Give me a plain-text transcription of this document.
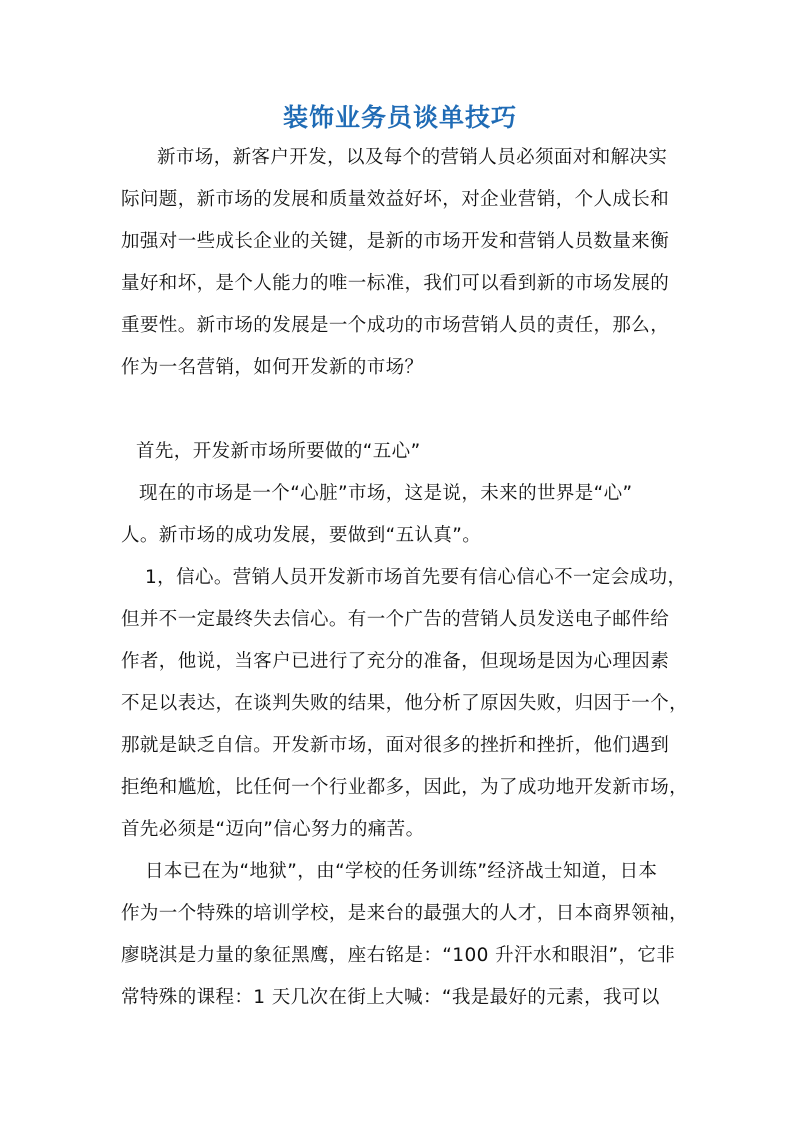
装饰业务员谈单技巧

新市场，新客户开发，以及每个的营销人员必须面对和解决实

际问题，新市场的发展和质量效益好坏，对企业营销，个人成长和

加强对一些成长企业的关键，是新的市场开发和营销人员数量来衡

量好和坏，是个人能力的唯一标准，我们可以看到新的市场发展的

重要性。新市场的发展是一个成功的市场营销人员的责任，那么，

作为一名营销，如何开发新的市场？

首先，开发新市场所要做的“五心”

现在的市场是一个“心脏”市场，这是说，未来的世界是“心”

人。新市场的成功发展，要做到“五认真”。

1，信心。营销人员开发新市场首先要有信心信心不一定会成功，

但并不一定最终失去信心。有一个广告的营销人员发送电子邮件给

作者，他说，当客户已进行了充分的准备，但现场是因为心理因素

不足以表达，在谈判失败的结果，他分析了原因失败，归因于一个，

那就是缺乏自信。开发新市场，面对很多的挫折和挫折，他们遇到

拒绝和尴尬，比任何一个行业都多，因此，为了成功地开发新市场，

首先必须是“迈向”信心努力的痛苦。

日本已在为“地狱”，由“学校的任务训练”经济战士知道，日本

作为一个特殊的培训学校，是来台的最强大的人才，日本商界领袖，

廖晓淇是力量的象征黑鹰，座右铭是：“100 升汗水和眼泪”，它非

常特殊的课程：1 天几次在街上大喊：“我是最好的元素，我可以
